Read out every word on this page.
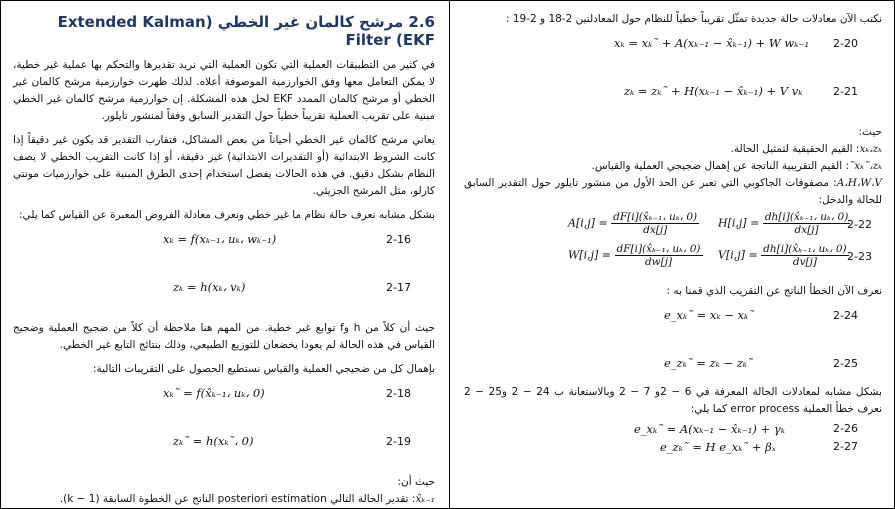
2.6 مرشح كالمان غير الخطي (Extended Kalman Filter (EKF

في كثير من التطبيقات العملية التي تكون العملية التي نريد تقديرها والتحكم بها عملية غير خطية، لا يمكن التعامل معها وفق الخوارزمية الموصوفة أعلاه. لذلك ظهرت خوارزمية مرشح كالمان غير الخطي أو مرشح كالمان الممدد EKF لحل هذه المشكلة. إن خوارزمية مرشح كالمان غير الخطي مبنية على تقريب العملية تقريباً خطياً حول التقدير السابق وفقاً لمنشور تايلور.

يعاني مرشح كالمان غير الخطي أحياناً من بعض المشاكل، فتقارب التقدير قد يكون غير دقيقاً إذا كانت الشروط الابتدائية (أو التقديرات الابتدائية) غير دقيقة، أو إذا كانت التقريب الخطي لا يصف النظام بشكل دقيق. في هذه الحالات يفضل استخدام إحدى الطرق المبنية على خوارزميات مونتي كارلو، مثل المرشح الجزيئي.

بشكل مشابه نعرف حالة نظام ما غير خطي ونعرف معادلة الفروض المعبرة عن القياس كما يلي:

xₖ = f(xₖ₋₁، uₖ، wₖ₋₁)	2-16
zₖ = h(xₖ، vₖ)	2-17

حيث أن كلاً من h وf توابع غير خطية. من المهم هنا ملاحظة أن كلاً من ضجيج العملية وضجيج القياس في هذه الحالة لم يعودا يخضعان للتوزيع الطبيعي، وذلك بنتائج التابع غير الخطي.

بإهمال كل من ضجيجي العملية والقياس نستطيع الحصول على التقريبات التالية:

xₖ˜ = f(x̂ₖ₋₁، uₖ، 0)	2-18
zₖ˜ = h(xₖ˜، 0)	2-19

حيث أن:

x̂ₖ₋₁: تقدير الحالة التالي posteriori estimation الناتج عن الخطوة السابقة (k − 1).

نكتب الآن معادلات حالة جديدة تمثّل تقريباً خطياً للنظام حول المعادلتين 2-18 و 2-19 :

xₖ = xₖ˜ + A(xₖ₋₁ − x̂ₖ₋₁) + W wₖ₋₁ 2-20
zₖ = zₖ˜ + H(xₖ₋₁ − x̂ₖ₋₁) + V vₖ	2-21

حيث:

xₖ،zₖ: القيم الحقيقية لتمثيل الحالة.

xₖ˜،zₖ˜: القيم التقريبية الناتجة عن إهمال ضجيجي العملية والقياس.

A،H،W،V: مصفوفات الجاكوبي التي تعبر عن الحد الأول من منشور تايلور حول التقدير السابق للحالة والدخل:

$A[i,j] = \frac{\text{dF[i](x̂ₖ₋₁، uₖ، 0)}}{dx[j]} H[i,j] = \frac{\text{dh[i](x̂ₖ₋₁، uₖ، 0)}}{dx[j]}$
2-22
$W[i,j] = \frac{\text{dF[i](x̂ₖ₋₁، uₖ، 0)}}{dw[j]} V[i,j] = \frac{\text{dh[i](x̂ₖ₋₁، uₖ، 0)}}{dv[j]}$
2-23

نعرف الآن الخطأ الناتج عن التقريب الذي قمنا به :

e_xₖ˜ = xₖ − xₖ˜	2-24
e_zₖ˜ = zₖ − zₖ˜	2-25

بشكل مشابه لمعادلات الحالة المعرفة في 6 − 2و 7 − 2 وبالاستعانة ب 24 − 2 و25 − 2 نعرف خطأ العملية error process كما يلي:

e_xₖ˜ = A(xₖ₋₁ − x̂ₖ₋₁) + γₖ	2-26
e_zₖ˜ = H e_xₖ˜ + βₓ	2-27
